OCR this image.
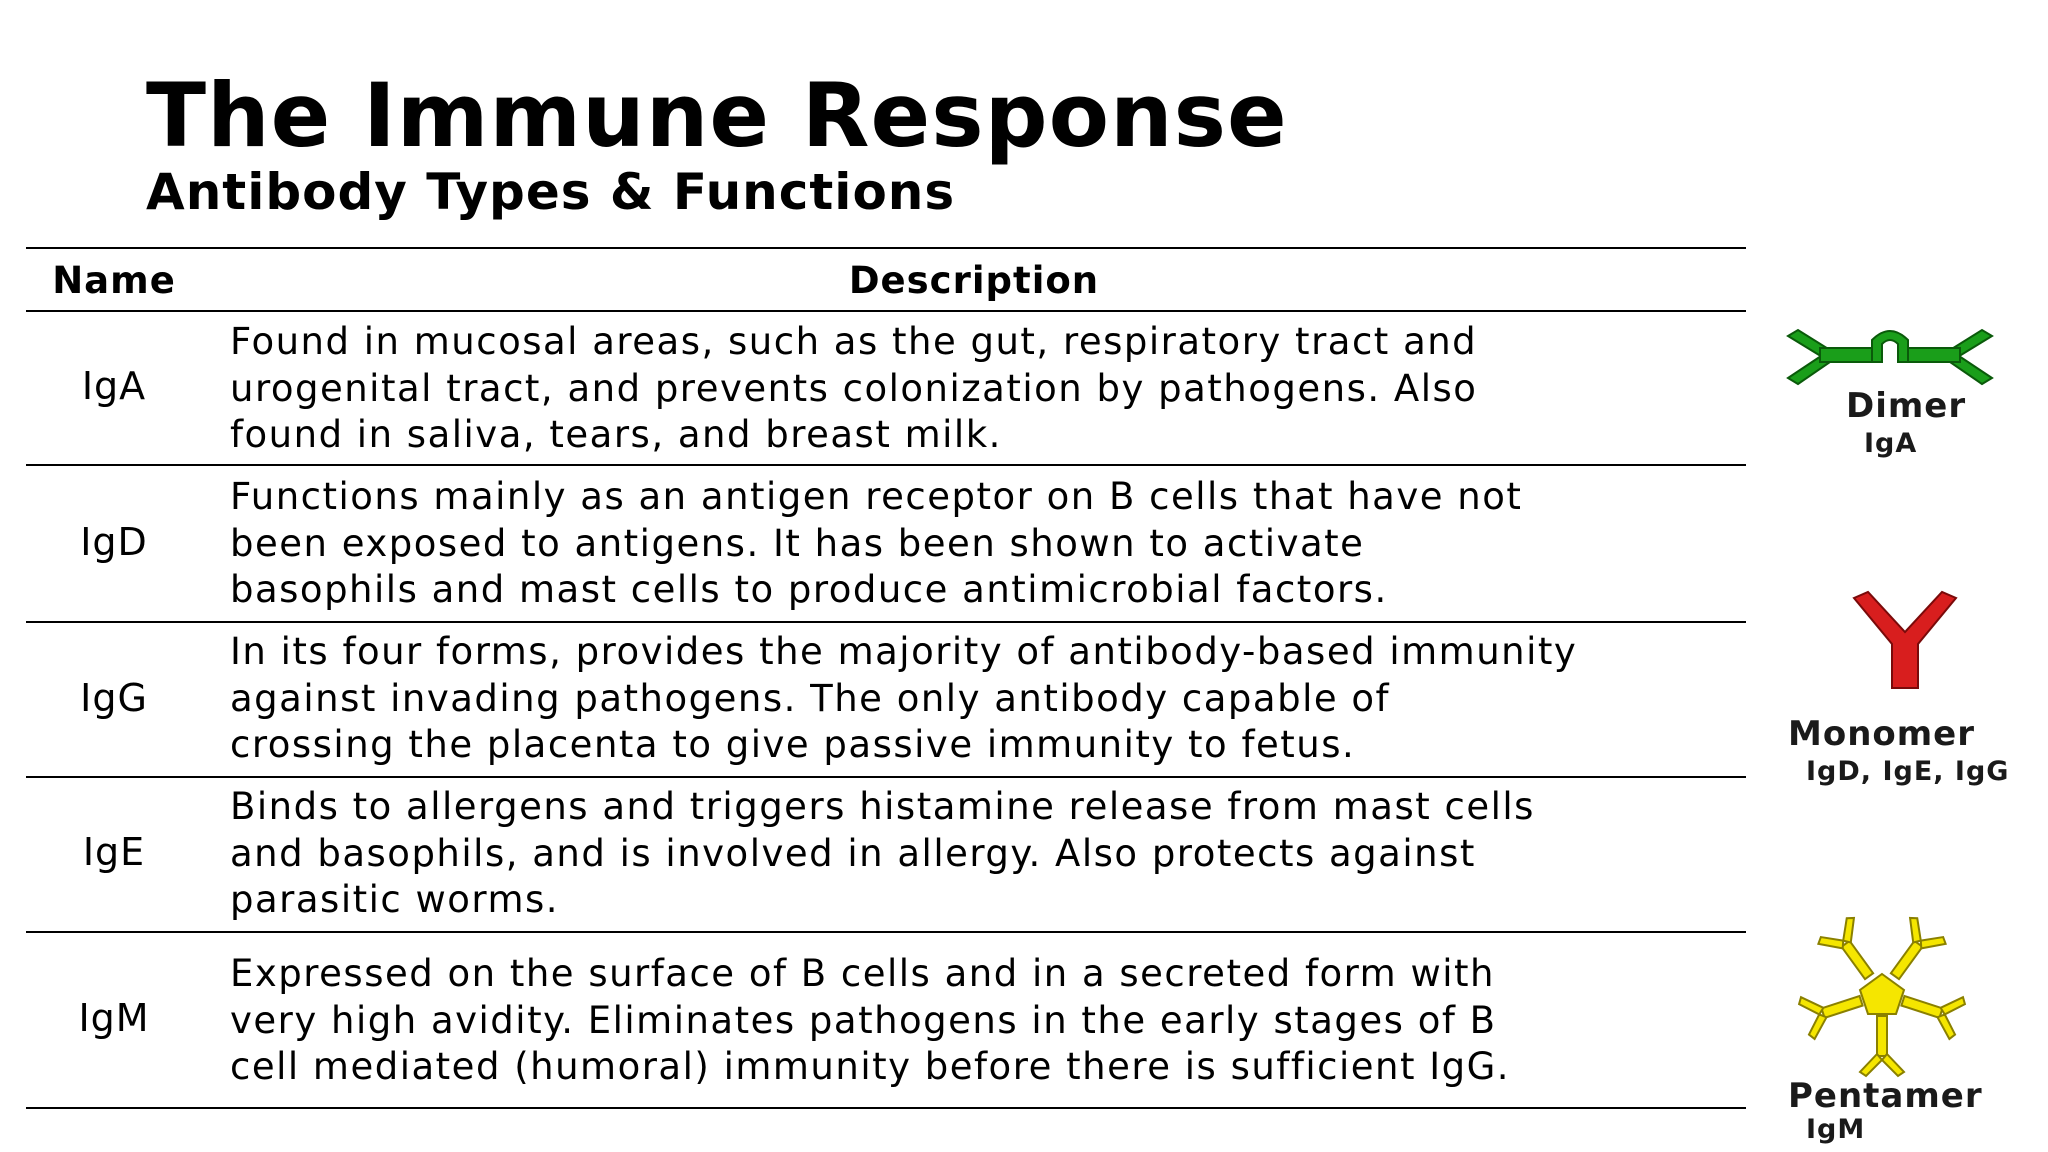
The Immune Response
Antibody Types & Functions
Name	Description
IgA
Found in mucosal areas, such as the gut, respiratory tract and
urogenital tract, and prevents colonization by pathogens. Also
found in saliva, tears, and breast milk.
IgD
Functions mainly as an antigen receptor on B cells that have not
been exposed to antigens. It has been shown to activate
basophils and mast cells to produce antimicrobial factors.
IgG
In its four forms, provides the majority of antibody-based immunity
against invading pathogens. The only antibody capable of
crossing the placenta to give passive immunity to fetus.
IgE
Binds to allergens and triggers histamine release from mast cells
and basophils, and is involved in allergy. Also protects against
parasitic worms.
IgM
Expressed on the surface of B cells and in a secreted form with
very high avidity. Eliminates pathogens in the early stages of B
cell mediated (humoral) immunity before there is sufficient IgG.
Dimer
IgA
Monomer
IgD, IgE, IgG
Pentamer
IgM
